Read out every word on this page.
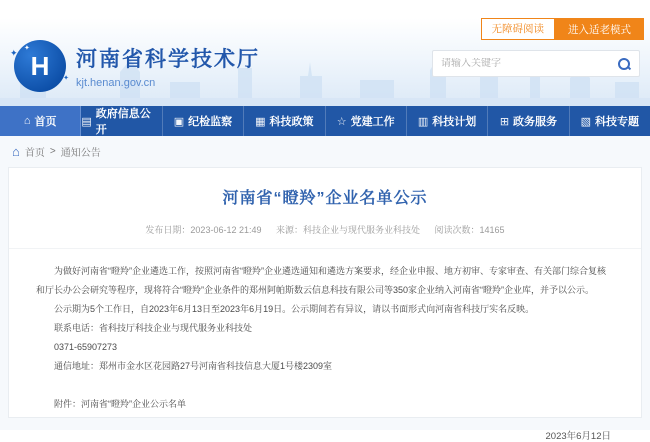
无障碍阅读	进入适老模式
H
✦
✦
✦ 河南省科学技术厅
kjt.henan.gov.cn
请输入关键字
⌂ 首页 ▤
政府信息公开
▣ 纪检监察 ▦ 科技政策 ☆ 党建工作 ▥ 科技计划 ⊞ 政务服务 ▧ 科技专题
⌂ 首页 > 通知公告
河南省“瞪羚”企业名单公示
发布日期：2023-06-12 21:49 来源：科技企业与现代服务业科技处 阅读次数：14165

为做好河南省“瞪羚”企业遴选工作，按照河南省“瞪羚”企业遴选通知和遴选方案要求，经企业申报、地方初审、专家审查、有关部门综合复核和厅长办公会研究等程序，现将符合“瞪羚”企业条件的郑州阿帕斯数云信息科技有限公司等350家企业纳入河南省“瞪羚”企业库，并予以公示。

公示期为5个工作日，自2023年6月13日至2023年6月19日。公示期间若有异议，请以书面形式向河南省科技厅实名反映。

联系电话：省科技厅科技企业与现代服务业科技处

0371-65907273

通信地址：郑州市金水区花园路27号河南省科技信息大厦1号楼2309室

附件：河南省“瞪羚”企业公示名单

2023年6月12日
